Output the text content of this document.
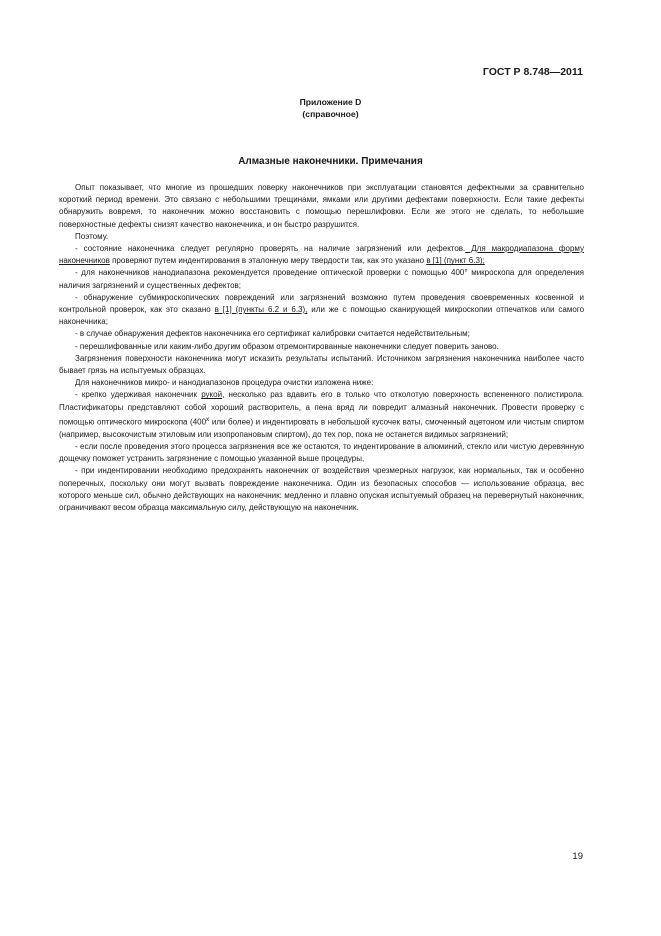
ГОСТ Р 8.748—2011
Приложение D
(справочное)
Алмазные наконечники. Примечания

Опыт показывает, что многие из прошедших поверку наконечников при эксплуатации становятся дефектными за сравнительно короткий период времени. Это связано с небольшими трещинами, ямками или другими дефектами поверхности. Если такие дефекты обнаружить вовремя, то наконечник можно восстановить с помощью перешлифовки. Если же этого не сделать, то небольшие поверхностные дефекты снизят качество наконечника, и он быстро разрушится.

Поэтому.

- состояние наконечника следует регулярно проверять на наличие загрязнений или дефектов. Для макродиапазона форму наконечников проверяют путем индентирования в эталонную меру твердости так, как это указано в [1] (пункт 6.3);

- для наконечников нанодиапазона рекомендуется проведение оптической проверки с помощью 400° микроскопа для определения наличия загрязнений и существенных дефектов;

- обнаружение субмикроскопических повреждений или загрязнений возможно путем проведения своевременных косвенной и контрольной проверок, как это сказано в [1] (пункты 6.2 и 6.3), или же с помощью сканирующей микроскопии отпечатков или самого наконечника;

- в случае обнаружения дефектов наконечника его сертификат калибровки считается недействительным;

- перешлифованные или каким-либо другим образом отремонтированные наконечники следует поверить заново.

Загрязнения поверхности наконечника могут исказить результаты испытаний. Источником загрязнения наконечника наиболее часто бывает грязь на испытуемых образцах.

Для наконечников микро- и нанодиапазонов процедура очистки изложена ниже:

- крепко удерживая наконечник рукой, несколько раз вдавить его в только что отколотую поверхность вспененного полистирола. Пластификаторы представляют собой хороший растворитель, а пена вряд ли повредит алмазный наконечник. Провести проверку с помощью оптического микроскопа (400$^x$ или более) и индентировать в небольшой кусочек ваты, смоченный ацетоном или чистым спиртом (например, высокочистым этиловым или изопропановым спиртом), до тех пор, пока не останется видимых загрязнений;

- если после проведения этого процесса загрязнения все же остаются, то индентирование в алюминий, стекло или чистую деревянную дощечку поможет устранить загрязнение с помощью указанной выше процедуры,

- при индентировании необходимо предохранять наконечник от воздействия чрезмерных нагрузок, как нормальных, так и особенно поперечных, поскольку они могут вызвать повреждение наконечника. Один из безопасных способов — использование образца, вес которого меньше сил, обычно действующих на наконечник: медленно и плавно опуская испытуемый образец на перевернутый наконечник, ограничивают весом образца максимальную силу, действующую на наконечник.

19
